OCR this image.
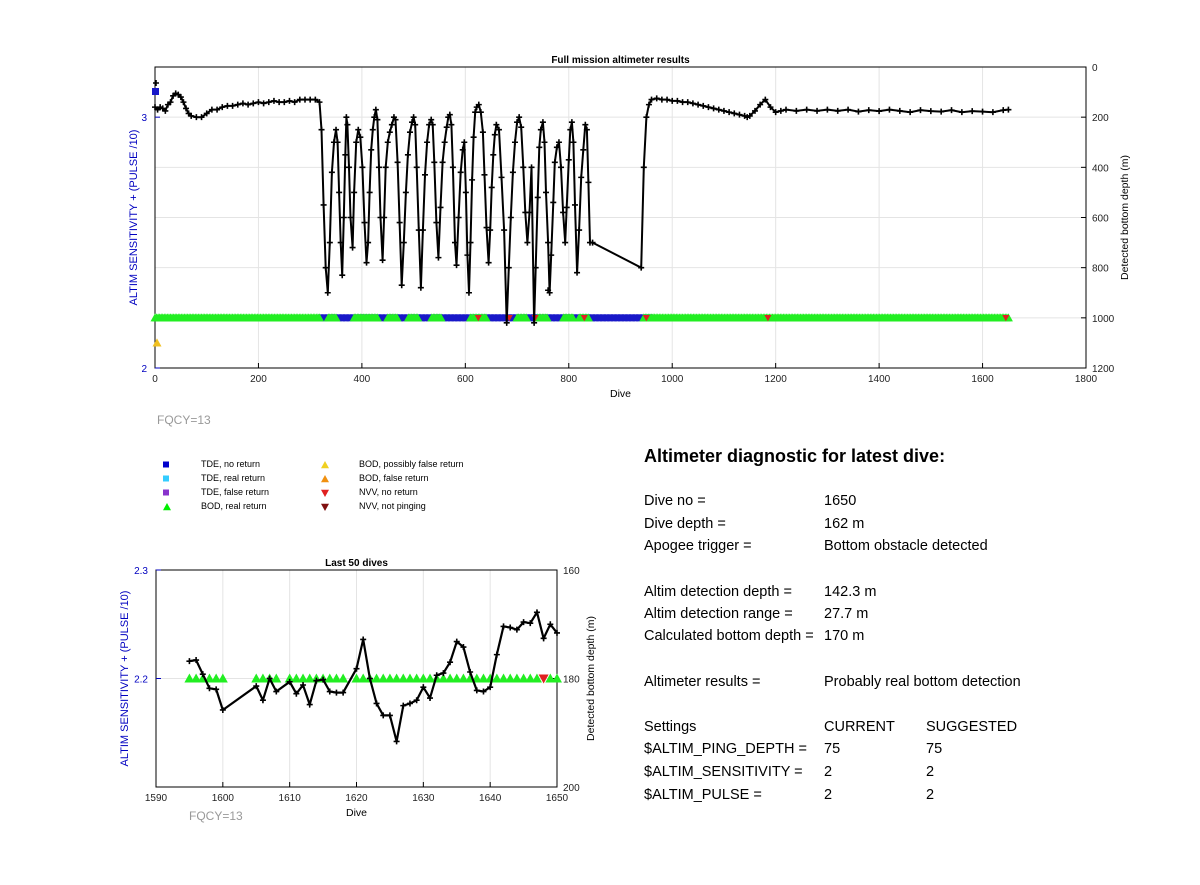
0	200	400	600	800	1000	1200	1400	1600	1800
0
200
400
600
800
1000
1200
2
3
Full mission altimeter results
Dive
ALTIM SENSITIVITY + (PULSE /10)	Detected bottom depth (m)
FQCY=13
1590	1600	1610	1620	1630	1640	1650
160
180
200
2.2
2.3
Last 50 dives
Dive
ALTIM SENSITIVITY + (PULSE /10)	Detected bottom depth (m)
FQCY=13
Altimeter diagnostic for latest dive:
Dive no =	1650
Dive depth =	162 m
Apogee trigger =	Bottom obstacle detected
Altim detection depth = 142.3 m
Altim detection range = 27.7 m
Calculated bottom depth = 170 m
Altimeter results =	Probably real bottom detection
Settings	CURRENT SUGGESTED
$ALTIM_PING_DEPTH = 75	75
$ALTIM_SENSITIVITY = 2	2
$ALTIM_PULSE =	2	2
TDE, no return
TDE, real return
TDE, false return
BOD, real return
BOD, possibly false return
BOD, false return
NVV, no return
NVV, not pinging
